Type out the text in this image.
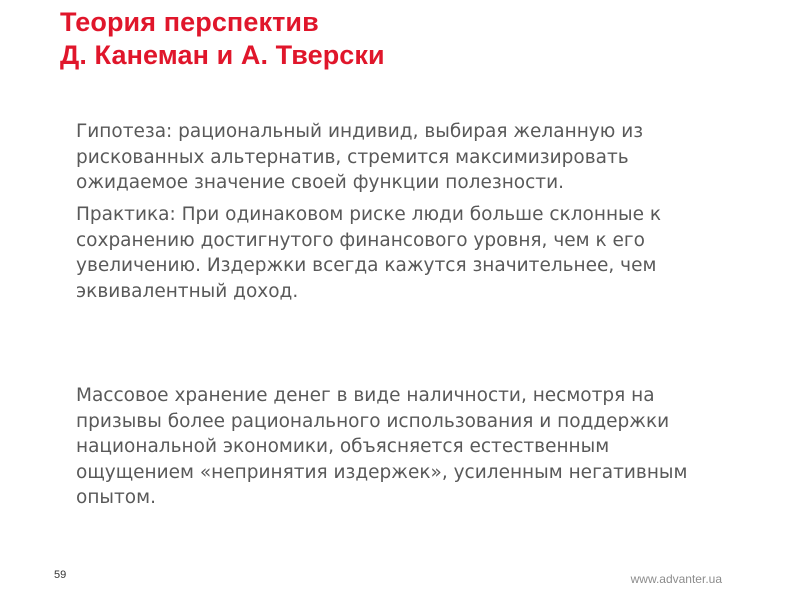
Теория перспектив
Д. Канеман и А. Тверски

Гипотеза: рациональный индивид, выбирая желанную из
рискованных альтернатив, стремится максимизировать
ожидаемое значение своей функции полезности.

Практика: При одинаковом риске люди больше склонные к
сохранению достигнутого финансового уровня, чем к его
увеличению. Издержки всегда кажутся значительнее, чем
эквивалентный доход.

Массовое хранение денег в виде наличности, несмотря на
призывы более рационального использования и поддержки
национальной экономики, объясняется естественным
ощущением «непринятия издержек», усиленным негативным
опытом.

59	www.advanter.ua
